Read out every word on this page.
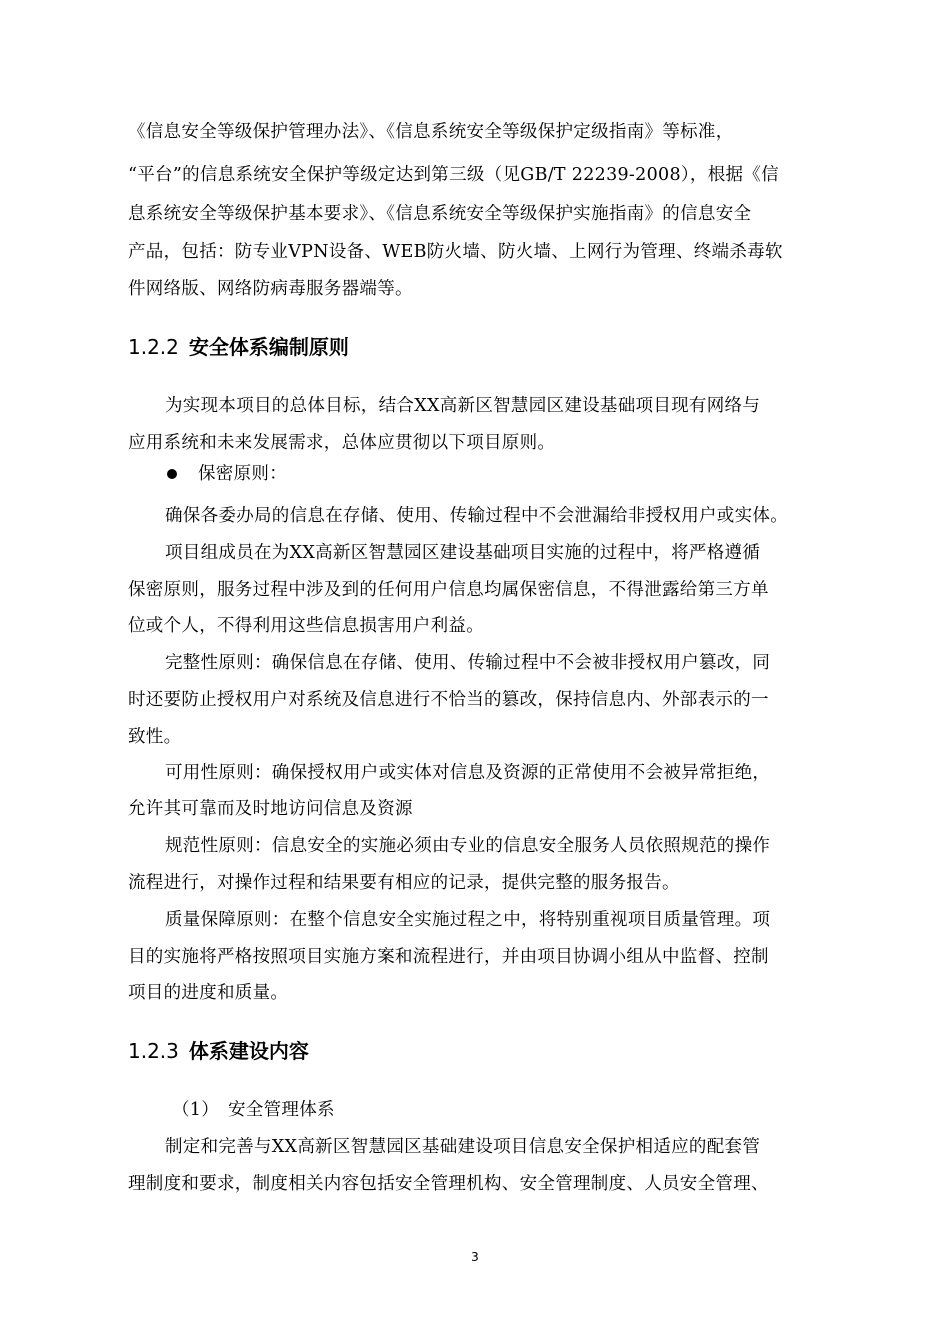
《信息安全等级保护管理办法》、《信息系统安全等级保护定级指南》等标准，
“平台”的信息系统安全保护等级定达到第三级（见GB/T 22239-2008），根据《信
息系统安全等级保护基本要求》、《信息系统安全等级保护实施指南》的信息安全
产品，包括：防专业VPN设备、WEB防火墙、防火墙、上网行为管理、终端杀毒软
件网络版、网络防病毒服务器端等。
1.2.2 安全体系编制原则
为实现本项目的总体目标，结合XX高新区智慧园区建设基础项目现有网络与
应用系统和未来发展需求，总体应贯彻以下项目原则。
保密原则：
确保各委办局的信息在存储、使用、传输过程中不会泄漏给非授权用户或实体。
项目组成员在为XX高新区智慧园区建设基础项目实施的过程中，将严格遵循
保密原则，服务过程中涉及到的任何用户信息均属保密信息，不得泄露给第三方单
位或个人，不得利用这些信息损害用户利益。
完整性原则：确保信息在存储、使用、传输过程中不会被非授权用户篡改，同
时还要防止授权用户对系统及信息进行不恰当的篡改，保持信息内、外部表示的一
致性。
可用性原则：确保授权用户或实体对信息及资源的正常使用不会被异常拒绝，
允许其可靠而及时地访问信息及资源
规范性原则：信息安全的实施必须由专业的信息安全服务人员依照规范的操作
流程进行，对操作过程和结果要有相应的记录，提供完整的服务报告。
质量保障原则：在整个信息安全实施过程之中，将特别重视项目质量管理。项
目的实施将严格按照项目实施方案和流程进行，并由项目协调小组从中监督、控制
项目的进度和质量。
1.2.3 体系建设内容
（1） 安全管理体系
制定和完善与XX高新区智慧园区基础建设项目信息安全保护相适应的配套管
理制度和要求，制度相关内容包括安全管理机构、安全管理制度、人员安全管理、
3
